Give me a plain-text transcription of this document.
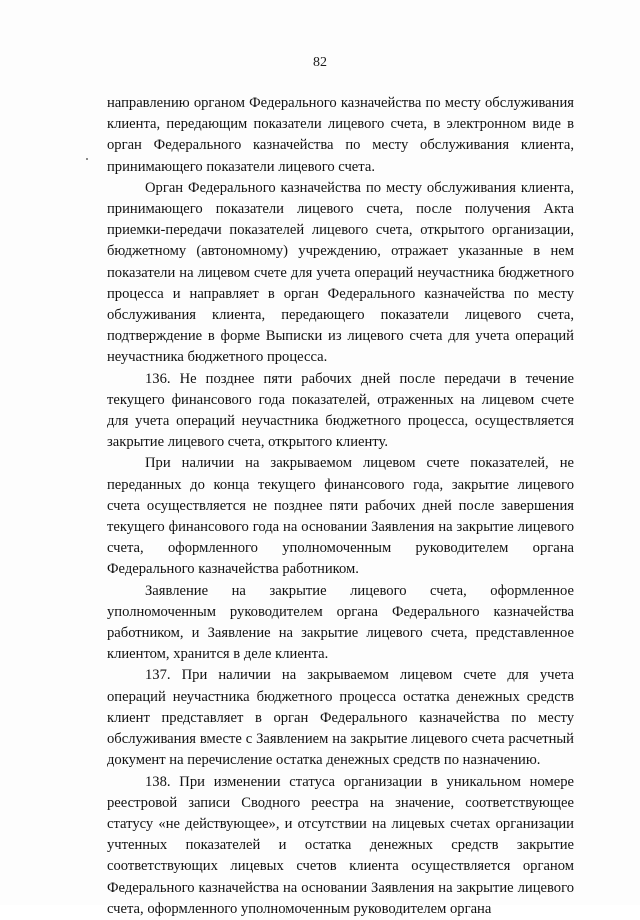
82

направлению органом Федерального казначейства по месту обслуживания клиента, передающим показатели лицевого счета, в электронном виде в орган Федерального казначейства по месту обслуживания клиента, принимающего показатели лицевого счета.

Орган Федерального казначейства по месту обслуживания клиента, принимающего показатели лицевого счета, после получения Акта приемки-передачи показателей лицевого счета, открытого организации, бюджетному (автономному) учреждению, отражает указанные в нем показатели на лицевом счете для учета операций неучастника бюджетного процесса и направляет в орган Федерального казначейства по месту обслуживания клиента, передающего показатели лицевого счета, подтверждение в форме Выписки из лицевого счета для учета операций неучастника бюджетного процесса.

136. Не позднее пяти рабочих дней после передачи в течение текущего финансового года показателей, отраженных на лицевом счете для учета операций неучастника бюджетного процесса, осуществляется закрытие лицевого счета, открытого клиенту.

При наличии на закрываемом лицевом счете показателей, не переданных до конца текущего финансового года, закрытие лицевого счета осуществляется не позднее пяти рабочих дней после завершения текущего финансового года на основании Заявления на закрытие лицевого счета, оформленного уполномоченным руководителем органа Федерального казначейства работником.

Заявление на закрытие лицевого счета, оформленное уполномоченным руководителем органа Федерального казначейства работником, и Заявление на закрытие лицевого счета, представленное клиентом, хранится в деле клиента.

137. При наличии на закрываемом лицевом счете для учета операций неучастника бюджетного процесса остатка денежных средств клиент представляет в орган Федерального казначейства по месту обслуживания вместе с Заявлением на закрытие лицевого счета расчетный документ на перечисление остатка денежных средств по назначению.

138. При изменении статуса организации в уникальном номере реестровой записи Сводного реестра на значение, соответствующее статусу «не действующее», и отсутствии на лицевых счетах организации учтенных показателей и остатка денежных средств закрытие соответствующих лицевых счетов клиента осуществляется органом Федерального казначейства на основании Заявления на закрытие лицевого счета, оформленного уполномоченным руководителем органа
